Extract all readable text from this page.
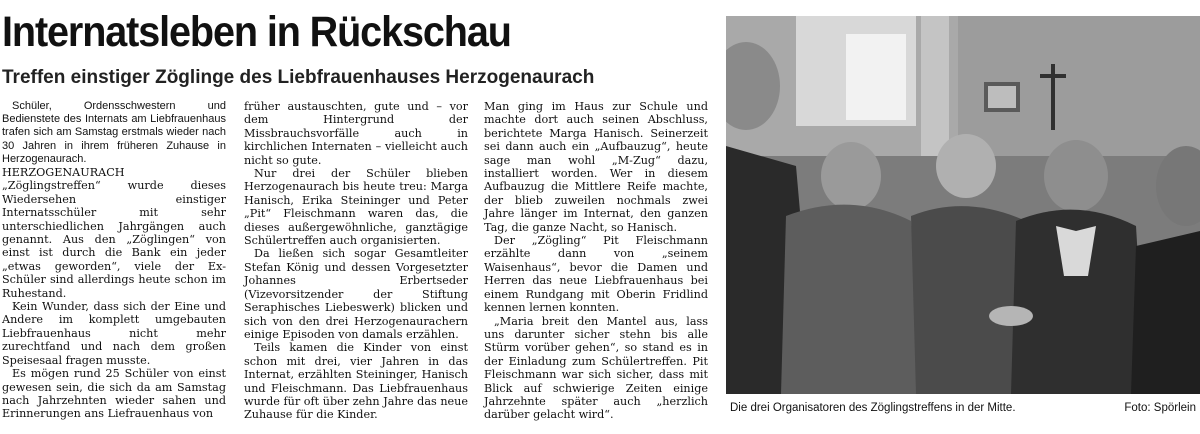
Internatsleben in Rückschau
Treffen einstiger Zöglinge des Liebfrauenhauses Herzogenaurach

Schüler, Ordensschwestern und Bedienstete des Internats am Liebfrauenhaus trafen sich am Samstag erstmals wieder nach 30 Jahren in ihrem früheren Zuhause in Herzogenaurach.

HERZOGENAURACH „Zöglingstreffen“ wurde dieses Wiedersehen einstiger Internatsschüler mit sehr unterschiedlichen Jahrgängen auch genannt. Aus den „Zöglingen“ von einst ist durch die Bank ein jeder „etwas geworden“, viele der Ex-Schüler sind allerdings heute schon im Ruhestand.

Kein Wunder, dass sich der Eine und Andere im komplett umgebauten Liebfrauenhaus nicht mehr zurechtfand und nach dem großen Speisesaal fragen musste.

Es mögen rund 25 Schüler von einst gewesen sein, die sich da am Samstag nach Jahrzehnten wieder sahen und Erinnerungen ans Liefrauenhaus von

früher austauschten, gute und – vor dem Hintergrund der Missbrauchsvorfälle auch in kirchlichen Internaten – vielleicht auch nicht so gute.

Nur drei der Schüler blieben Herzogenaurach bis heute treu: Marga Hanisch, Erika Steininger und Peter „Pit“ Fleischmann waren das, die dieses außergewöhnliche, ganztägige Schülertreffen auch organisierten.

Da ließen sich sogar Gesamtleiter Stefan König und dessen Vorgesetzter Johannes Erbertseder (Vizevorsitzender der Stiftung Seraphisches Liebeswerk) blicken und sich von den drei Herzogenaurachern einige Episoden von damals erzählen.

Teils kamen die Kinder von einst schon mit drei, vier Jahren in das Internat, erzählten Steininger, Hanisch und Fleischmann. Das Liebfrauenhaus wurde für oft über zehn Jahre das neue Zuhause für die Kinder.

Man ging im Haus zur Schule und machte dort auch seinen Abschluss, berichtete Marga Hanisch. Seinerzeit sei dann auch ein „Aufbauzug“, heute sage man wohl „M-Zug“ dazu, installiert worden. Wer in diesem Aufbauzug die Mittlere Reife machte, der blieb zuweilen nochmals zwei Jahre länger im Internat, den ganzen Tag, die ganze Nacht, so Hanisch.

Der „Zögling“ Pit Fleischmann erzählte dann von „seinem Waisenhaus“, bevor die Damen und Herren das neue Liebfrauenhaus bei einem Rundgang mit Oberin Fridlind kennen lernen konnten.

„Maria breit den Mantel aus, lass uns darunter sicher stehn bis alle Stürm vorüber gehen“, so stand es in der Einladung zum Schülertreffen. Pit Fleischmann war sich sicher, dass mit Blick auf schwierige Zeiten einige Jahrzehnte später auch „herzlich darüber gelacht wird“.

Die drei Organisatoren des Zöglingstreffens in der Mitte.	Foto: Spörlein
